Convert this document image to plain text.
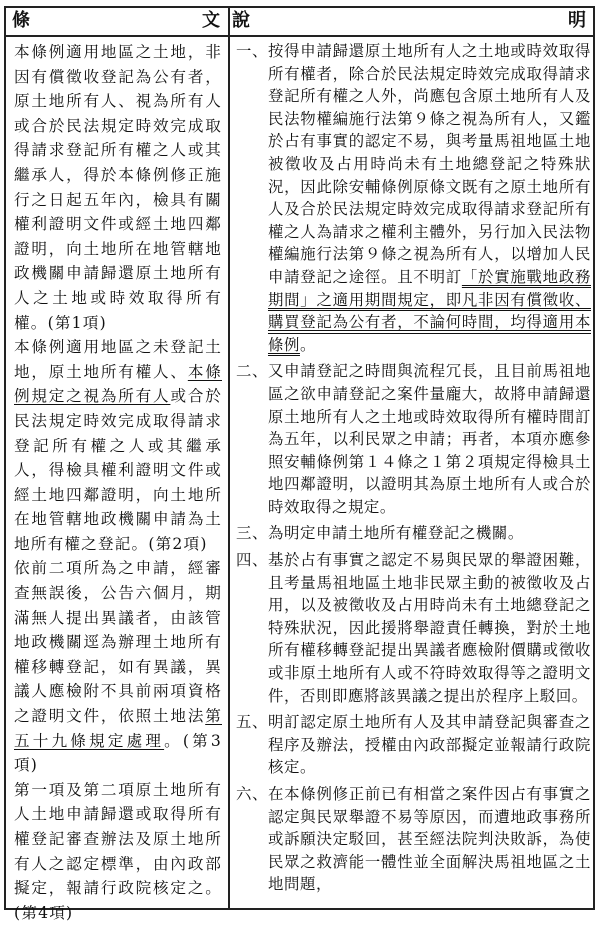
條	文 說	明

本條例適用地區之土地，非因有償徵收登記為公有者，原土地所有人、視為所有人或合於民法規定時效完成取得請求登記所有權之人或其繼承人，得於本條例修正施行之日起五年內，檢具有關權利證明文件或經土地四鄰證明，向土地所在地管轄地政機關申請歸還原土地所有人之土地或時效取得所有權。(第1項)

本條例適用地區之未登記土地，原土地所有權人、本條例規定之視為所有人或合於民法規定時效完成取得請求登記所有權之人或其繼承人，得檢具權利證明文件或經土地四鄰證明，向土地所在地管轄地政機關申請為土地所有權之登記。(第2項)

依前二項所為之申請，經審查無誤後，公告六個月，期滿無人提出異議者，由該管地政機關逕為辦理土地所有權移轉登記，如有異議，異議人應檢附不具前兩項資格之證明文件，依照土地法第五十九條規定處理。(第3項)

第一項及第二項原土地所有人土地申請歸還或取得所有權登記審查辦法及原土地所有人之認定標準，由內政部擬定，報請行政院核定之。(第4項)

一、 按得申請歸還原土地所有人之土地或時效取得所有權者，除合於民法規定時效完成取得請求登記所有權之人外，尚應包含原土地所有人及民法物權編施行法第９條之視為所有人，又鑑於占有事實的認定不易，與考量馬祖地區土地被徵收及占用時尚未有土地總登記之特殊狀況，因此除安輔條例原條文既有之原土地所有人及合於民法規定時效完成取得請求登記所有權之人為請求之權利主體外，另行加入民法物權編施行法第９條之視為所有人，以增加人民申請登記之途徑。且不明訂「於實施戰地政務期間」之適用期間規定，即凡非因有償徵收、購買登記為公有者，不論何時間，均得適用本條例。
二、 又申請登記之時間與流程冗長，且目前馬祖地區之欲申請登記之案件量龐大，故將申請歸還原土地所有人之土地或時效取得所有權時間訂為五年，以利民眾之申請；再者，本項亦應參照安輔條例第１４條之１第２項規定得檢具土地四鄰證明，以證明其為原土地所有人或合於時效取得之規定。
三、 為明定申請土地所有權登記之機關。
四、 基於占有事實之認定不易與民眾的舉證困難，且考量馬祖地區土地非民眾主動的被徵收及占用，以及被徵收及占用時尚未有土地總登記之特殊狀況，因此援將舉證責任轉換，對於土地所有權移轉登記提出異議者應檢附價購或徵收或非原土地所有人或不符時效取得等之證明文件，否則即應將該異議之提出於程序上駁回。
五、 明訂認定原土地所有人及其申請登記與審查之程序及辦法，授權由內政部擬定並報請行政院核定。
六、 在本條例修正前已有相當之案件因占有事實之認定與民眾舉證不易等原因，而遭地政事務所或訴願決定駁回，甚至經法院判決敗訴，為使民眾之救濟能一體性並全面解決馬祖地區之土地問題，
